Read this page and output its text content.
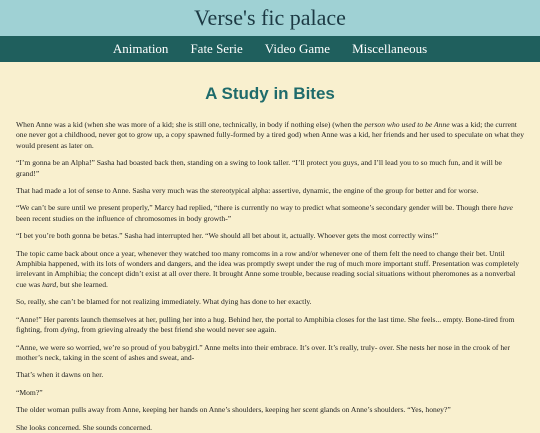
Verse's fic palace
Animation Fate Serie Video Game Miscellaneous
A Study in Bites

When Anne was a kid (when she was more of a kid; she is still one, technically, in body if nothing else) (when the person who used to be Anne was a kid; the current one never got a childhood, never got to grow up, a copy spawned fully-formed by a tired god) when Anne was a kid, her friends and her used to speculate on what they would present as later on.

“I’m gonna be an Alpha!” Sasha had boasted back then, standing on a swing to look taller. “I’ll protect you guys, and I’ll lead you to so much fun, and it will be grand!”

That had made a lot of sense to Anne. Sasha very much was the stereotypical alpha: assertive, dynamic, the engine of the group for better and for worse.

“We can’t be sure until we present properly,” Marcy had replied, “there is currently no way to predict what someone’s secondary gender will be. Though there have been recent studies on the influence of chromosomes in body growth-”

“I bet you’re both gonna be betas.” Sasha had interrupted her. “We should all bet about it, actually. Whoever gets the most correctly wins!”

The topic came back about once a year, whenever they watched too many romcoms in a row and/or whenever one of them felt the need to change their bet. Until Amphibia happened, with its lots of wonders and dangers, and the idea was promptly swept under the rug of much more important stuff. Presentation was completely irrelevant in Amphibia; the concept didn’t exist at all over there. It brought Anne some trouble, because reading social situations without pheromones as a nonverbal cue was hard, but she learned.

So, really, she can’t be blamed for not realizing immediately. What dying has done to her exactly.

“Anne!” Her parents launch themselves at her, pulling her into a hug. Behind her, the portal to Amphibia closes for the last time. She feels... empty. Bone-tired from fighting, from dying, from grieving already the best friend she would never see again.

“Anne, we were so worried, we’re so proud of you babygirl.” Anne melts into their embrace. It’s over. It’s really, truly- over. She nests her nose in the crook of her mother’s neck, taking in the scent of ashes and sweat, and-

That’s when it dawns on her.

“Mom?”

The older woman pulls away from Anne, keeping her hands on Anne’s shoulders, keeping her scent glands on Anne’s shoulders. “Yes, honey?”

She looks concerned. She sounds concerned.
